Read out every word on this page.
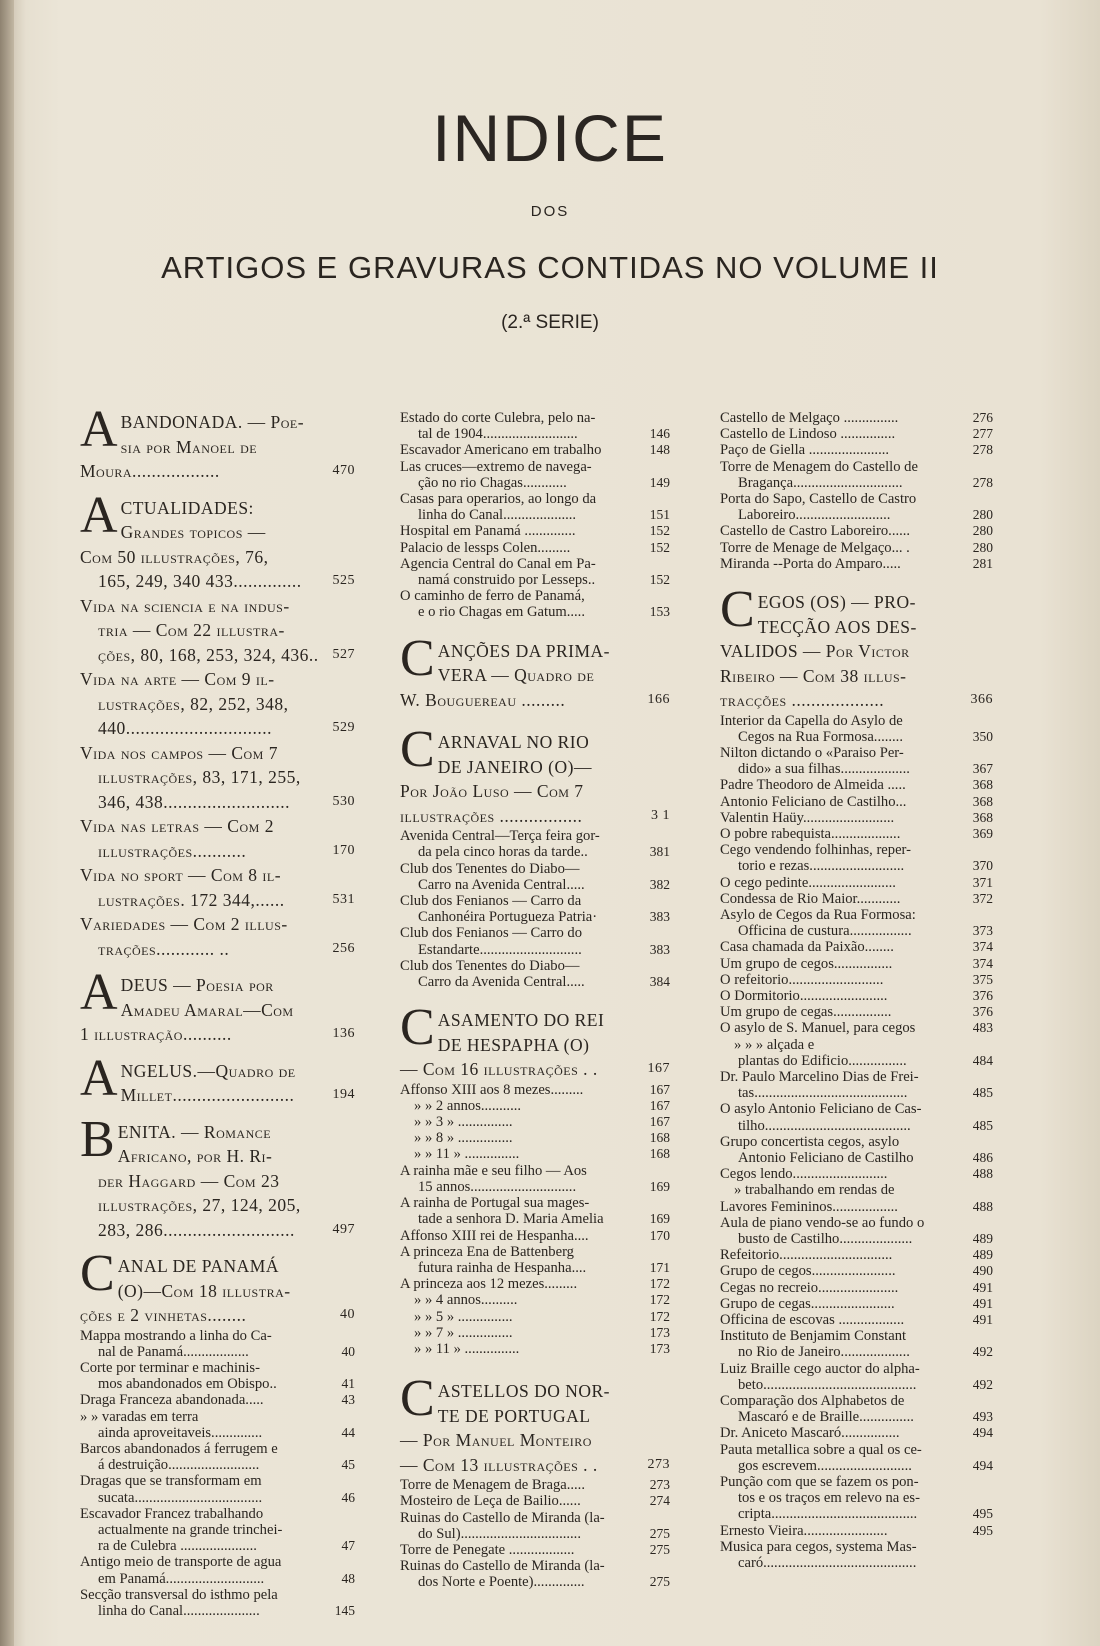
INDICE
DOS
ARTIGOS E GRAVURAS CONTIDAS NO VOLUME II
(2.ª SERIE)
A BANDONADA. — Poe-
sia por Manoel de
Moura..................	470
A CTUALIDADES:
Grandes topicos —
Com 50 illustrações, 76,
165, 249, 340 433.............. 525
Vida na sciencia e na indus-
tria — Com 22 illustra-
ções, 80, 168, 253, 324, 436.. 527
Vida na arte — Com 9 il-
lustrações, 82, 252, 348,
440..............................	529
Vida nos campos — Com 7
illustrações, 83, 171, 255,
346, 438..........................	530
Vida nas letras — Com 2
illustrações...........	170
Vida no sport — Com 8 il-
lustrações. 172 344,......	531
Variedades — Com 2 illus-
trações............ ..	256
A DEUS — Poesia por
Amadeu Amaral—Com
1 illustração..........	136
A NGELUS.—Quadro de
Millet.........................	194
B ENITA. — Romance
Africano, por H. Ri-
der Haggard — Com 23
illustrações, 27, 124, 205,
283, 286...........................	497
C ANAL DE PANAMÁ
(O)—Com 18 illustra-
ções e 2 vinhetas........	40
Mappa mostrando a linha do Ca-
nal de Panamá..................	40
Corte por terminar e machinis-
mos abandonados em Obispo..	41
Draga Franceza abandonada.....	43
» » varadas em terra
ainda aproveitaveis..............	44
Barcos abandonados á ferrugem e
á destruição.........................	45
Dragas que se transformam em
sucata...................................	46
Escavador Francez trabalhando
actualmente na grande trinchei-
ra de Culebra .....................	47
Antigo meio de transporte de agua
em Panamá...........................	48
Secção transversal do isthmo pela
linha do Canal.....................	145
Estado do corte Culebra, pelo na-
tal de 1904..........................	146
Escavador Americano em trabalho	148
Las cruces—extremo de navega-
ção no rio Chagas............	149
Casas para operarios, ao longo da
linha do Canal....................	151
Hospital em Panamá ..............	152
Palacio de lessps Colen.........	152
Agencia Central do Canal em Pa-
namá construido por Lesseps..	152
O caminho de ferro de Panamá,
e o rio Chagas em Gatum.....	153
C ANÇÕES DA PRIMA-
VERA — Quadro de
W. Bouguereau .........	166
C ARNAVAL NO RIO
DE JANEIRO (O)—
Por João Luso — Com 7
illustrações .................	3 1
Avenida Central—Terça feira gor-
da pela cinco horas da tarde..	381
Club dos Tenentes do Diabo—
Carro na Avenida Central.....	382
Club dos Fenianos — Carro da
Canhonéira Portugueza Patria·	383
Club dos Fenianos — Carro do
Estandarte............................	383
Club dos Tenentes do Diabo—
Carro da Avenida Central.....	384
C ASAMENTO DO REI
DE HESPAPHA (O)
— Com 16 illustrações . .	167
Affonso XIII aos 8 mezes.........	167
» » 2 annos...........	167
» » 3 » ...............	167
» » 8 » ...............	168
» » 11 » ...............	168
A rainha mãe e seu filho — Aos
15 annos.............................	169
A rainha de Portugal sua mages-
tade a senhora D. Maria Amelia	169
Affonso XIII rei de Hespanha....	170
A princeza Ena de Battenberg
futura rainha de Hespanha....	171
A princeza aos 12 mezes.........	172
» » 4 annos..........	172
» » 5 » ...............	172
» » 7 » ...............	173
» » 11 » ...............	173
C ASTELLOS DO NOR-
TE DE PORTUGAL
— Por Manuel Monteiro
— Com 13 illustrações . .	273
Torre de Menagem de Braga.....	273
Mosteiro de Leça de Bailio......	274
Ruinas do Castello de Miranda (la-
do Sul).................................	275
Torre de Penegate ..................	275
Ruinas do Castello de Miranda (la-
dos Norte e Poente)..............	275
Castello de Melgaço ...............	276
Castello de Lindoso ...............	277
Paço de Giella ......................	278
Torre de Menagem do Castello de
Bragança..............................	278
Porta do Sapo, Castello de Castro
Laboreiro..........................	280
Castello de Castro Laboreiro......	280
Torre de Menage de Melgaço... .	280
Miranda --Porta do Amparo.....	281
C EGOS (OS) — PRO-
TECÇÃO AOS DES-
VALIDOS — Por Victor
Ribeiro — Com 38 illus-
tracções ...................	366
Interior da Capella do Asylo de
Cegos na Rua Formosa........	350
Nilton dictando o «Paraiso Per-
dido» a sua filhas...................	367
Padre Theodoro de Almeida .....	368
Antonio Feliciano de Castilho...	368
Valentin Haüy.........................	368
O pobre rabequista...................	369
Cego vendendo folhinhas, reper-
torio e rezas..........................	370
O cego pedinte........................	371
Condessa de Rio Maior............	372
Asylo de Cegos da Rua Formosa:
Officina de custura.................	373
Casa chamada da Paixão........	374
Um grupo de cegos................	374
O refeitorio..........................	375
O Dormitorio........................	376
Um grupo de cegas................	376
O asylo de S. Manuel, para cegos	483
» » » alçada e
plantas do Edificio................	484
Dr. Paulo Marcelino Dias de Frei-
tas..........................................	485
O asylo Antonio Feliciano de Cas-
tilho........................................	485
Grupo concertista cegos, asylo
Antonio Feliciano de Castilho	486
Cegos lendo..........................	488
» trabalhando em rendas de
Lavores Femininos..................	488
Aula de piano vendo-se ao fundo o
busto de Castilho....................	489
Refeitorio...............................	489
Grupo de cegos.......................	490
Cegas no recreio......................	491
Grupo de cegas.......................	491
Officina de escovas ..................	491
Instituto de Benjamim Constant
no Rio de Janeiro...................	492
Luiz Braille cego auctor do alpha-
beto..........................................	492
Comparação dos Alphabetos de
Mascaró e de Braille...............	493
Dr. Aniceto Mascaró................	494
Pauta metallica sobre a qual os ce-
gos escrevem..........................	494
Punção com que se fazem os pon-
tos e os traços em relevo na es-
cripta........................................	495
Ernesto Vieira.......................	495
Musica para cegos, systema Mas-
caró..........................................
